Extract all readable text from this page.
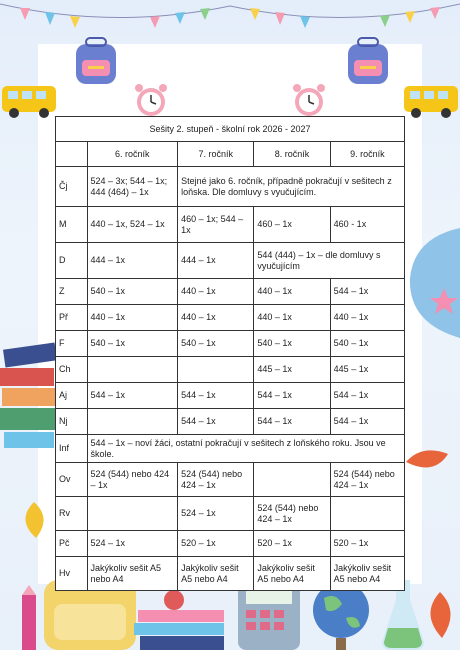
Sešity 2. stupeň - školní rok 2026 - 2027				
	6. ročník	7. ročník	8. ročník	9. ročník
Čj	524 – 3x; 544 – 1x; 444 (464) – 1x	Stejné jako 6. ročník, případně pokračují v sešitech z loňska. Dle domluvy s vyučujícím.		
M	440 – 1x, 524 – 1x	460 – 1x; 544 – 1x	460 – 1x	460 - 1x
D	444 – 1x	444 – 1x	544 (444) – 1x – dle domluvy s vyučujícím	
Z	540 – 1x	440 – 1x	440 – 1x	544 – 1x
Př	440 – 1x	440 – 1x	440 – 1x	440 – 1x
F	540 – 1x	540 – 1x	540 – 1x	540 – 1x
Ch			445 – 1x	445 – 1x
Aj	544 – 1x	544 – 1x	544 – 1x	544 – 1x
Nj		544 – 1x	544 – 1x	544 – 1x
Inf	544 – 1x – noví žáci, ostatní pokračují v sešitech z loňského roku. Jsou ve škole.			
Ov	524 (544) nebo 424 – 1x	524 (544) nebo 424 – 1x		524 (544) nebo 424 – 1x
Rv		524 – 1x	524 (544) nebo 424 – 1x	
Pč	524 – 1x	520 – 1x	520 – 1x	520 – 1x
Hv	Jakýkoliv sešit A5 nebo A4	Jakýkoliv sešit A5 nebo A4	Jakýkoliv sešit A5 nebo A4	Jakýkoliv sešit A5 nebo A4
